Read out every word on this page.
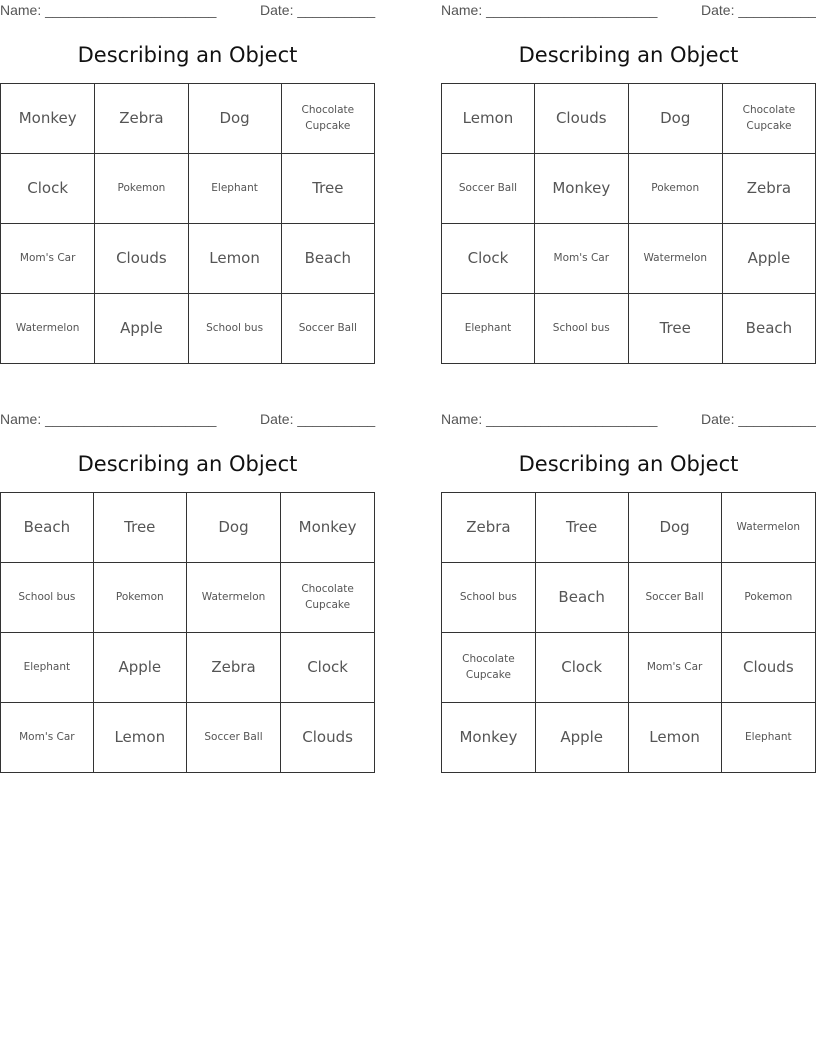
Name: ______________________	Date: __________
Describing an Object
Monkey	Zebra	Dog	Chocolate Cupcake
Clock	Pokemon	Elephant	Tree
Mom's Car	Clouds	Lemon	Beach
Watermelon	Apple	School bus	Soccer Ball
Name: ______________________	Date: __________
Describing an Object
Lemon	Clouds	Dog	Chocolate Cupcake
Soccer Ball	Monkey	Pokemon	Zebra
Clock	Mom's Car	Watermelon	Apple
Elephant	School bus	Tree	Beach
Name: ______________________	Date: __________
Describing an Object
Beach	Tree	Dog	Monkey
School bus	Pokemon	Watermelon	Chocolate Cupcake
Elephant	Apple	Zebra	Clock
Mom's Car	Lemon	Soccer Ball	Clouds
Name: ______________________	Date: __________
Describing an Object
Zebra	Tree	Dog	Watermelon
School bus	Beach	Soccer Ball	Pokemon
Chocolate Cupcake	Clock	Mom's Car	Clouds
Monkey	Apple	Lemon	Elephant
